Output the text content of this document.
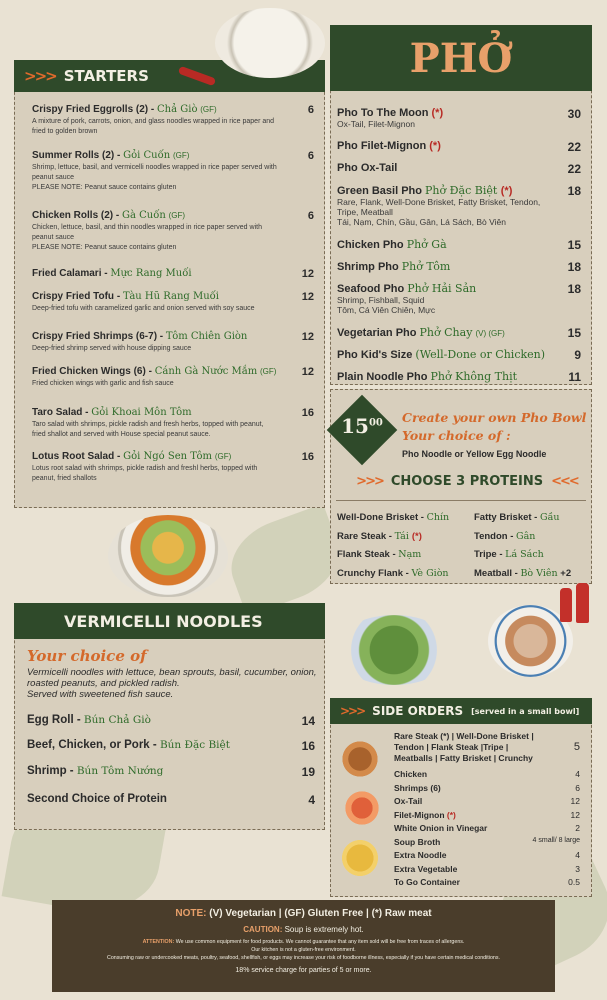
>>> STARTERS
Crispy Fried Eggrolls (2) - Chả Giò (GF)
A mixture of pork, carrots, onion, and glass noodles wrapped in rice paper and fried to golden brown
6
Summer Rolls (2) - Gỏi Cuốn (GF)
Shrimp, lettuce, basil, and vermicelli noodles wrapped in rice paper served with peanut sauce
PLEASE NOTE: Peanut sauce contains gluten
6
Chicken Rolls (2) - Gà Cuốn (GF)
Chicken, lettuce, basil, and thin noodles wrapped in rice paper served with peanut sauce
PLEASE NOTE: Peanut sauce contains gluten
6
Fried Calamari - Mực Rang Muối	12
Crispy Fried Tofu - Tàu Hũ Rang Muối
Deep-fried tofu with caramelized garlic and onion served with soy sauce
12
Crispy Fried Shrimps (6-7) - Tôm Chiên Giòn
Deep-fried shrimp served with house dipping sauce
12
Fried Chicken Wings (6) - Cánh Gà Nước Mắm (GF)
Fried chicken wings with garlic and fish sauce
12
Taro Salad - Gỏi Khoai Môn Tôm
Taro salad with shrimps, pickle radish and fresh herbs, topped with peanut, fried shallot and served with House special peanut sauce.
16
Lotus Root Salad - Gỏi Ngó Sen Tôm (GF)
Lotus root salad with shrimps, pickle radish and freshl herbs, topped with peanut, fried shallots
16
PHỞ
Pho To The Moon (*)
Ox-Tail, Filet-Mignon
30
Pho Filet-Mignon (*)	22
Pho Ox-Tail	22
Green Basil Pho Phở Đặc Biệt (*)
Rare, Flank, Well-Done Brisket, Fatty Brisket, Tendon, Tripe, Meatball
Tái, Nạm, Chín, Gầu, Gân, Lá Sách, Bò Viên
18
Chicken Pho Phở Gà	15
Shrimp Pho Phở Tôm	18
Seafood Pho Phở Hải Sản
Shrimp, Fishball, Squid
Tôm, Cá Viên Chiên, Mực
18
Vegetarian Pho Phở Chay (V) (GF)	15
Pho Kid's Size (Well-Done or Chicken)	9
Plain Noodle Pho Phở Không Thịt	11
$15^{00}$	Create your own Pho Bowl
Your choice of :
Pho Noodle or Yellow Egg Noodle
>>> CHOOSE 3 PROTEINS <<<
Well-Done Brisket - Chín	Fatty Brisket - Gầu
Rare Steak - Tái (*)	Tendon - Gân
Flank Steak - Nạm	Tripe - Lá Sách
Crunchy Flank - Vè Giòn	Meatball - Bò Viên +2
VERMICELLI NOODLES
Your choice of
Vermicelli noodles with lettuce, bean sprouts, basil, cucumber, onion, roasted peanuts, and pickled radish.
Served with sweetened fish sauce.
Egg Roll - Bún Chả Giò	14
Beef, Chicken, or Pork - Bún Đặc Biệt	16
Shrimp - Bún Tôm Nướng	19
Second Choice of Protein	4
>>> SIDE ORDERS [served in a small bowl]
Rare Steak (*) | Well-Done Brisket |
Tendon | Flank Steak |Tripe |
Meatballs | Fatty Brisket | Crunchy
5
Chicken	4
Shrimps (6)	6
Ox-Tail	12
Filet-Mignon (*)	12
White Onion in Vinegar	2
Soup Broth	4 small/ 8 large
Extra Noodle	4
Extra Vegetable	3
To Go Container	0.5
NOTE: (V) Vegetarian | (GF) Gluten Free | (*) Raw meat
CAUTION: Soup is extremely hot.
ATTENTION: We use common equipment for food products. We cannot guarantee that any item sold will be free from traces of allergens.
Our kitchen is not a gluten-free environment.
Consuming raw or undercooked meats, poultry, seafood, shellfish, or eggs may increase your risk of foodborne illness, especially if you have certain medical conditions.
18% service charge for parties of 5 or more.
